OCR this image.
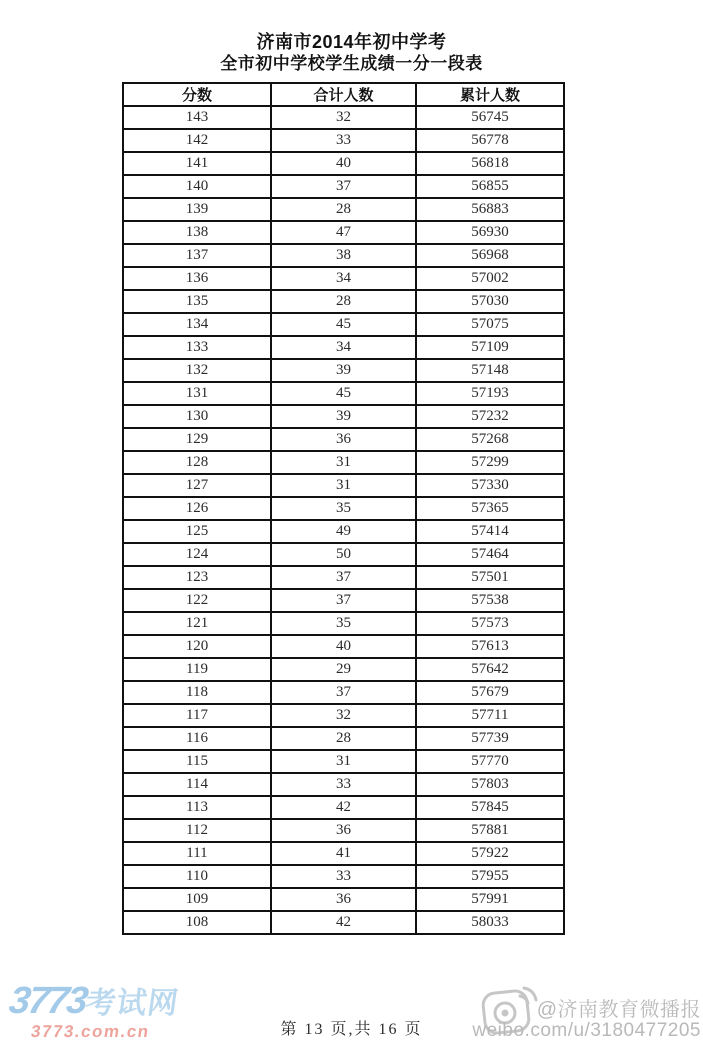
济南市2014年初中学考
全市初中学校学生成绩一分一段表
分数	合计人数	累计人数
143	32	56745
142	33	56778
141	40	56818
140	37	56855
139	28	56883
138	47	56930
137	38	56968
136	34	57002
135	28	57030
134	45	57075
133	34	57109
132	39	57148
131	45	57193
130	39	57232
129	36	57268
128	31	57299
127	31	57330
126	35	57365
125	49	57414
124	50	57464
123	37	57501
122	37	57538
121	35	57573
120	40	57613
119	29	57642
118	37	57679
117	32	57711
116	28	57739
115	31	57770
114	33	57803
113	42	57845
112	36	57881
111	41	57922
110	33	57955
109	36	57991
108	42	58033
第 13 页,共 16 页
3773考试网
3773.com.cn
@济南教育微播报
weibo.com/u/3180477205
